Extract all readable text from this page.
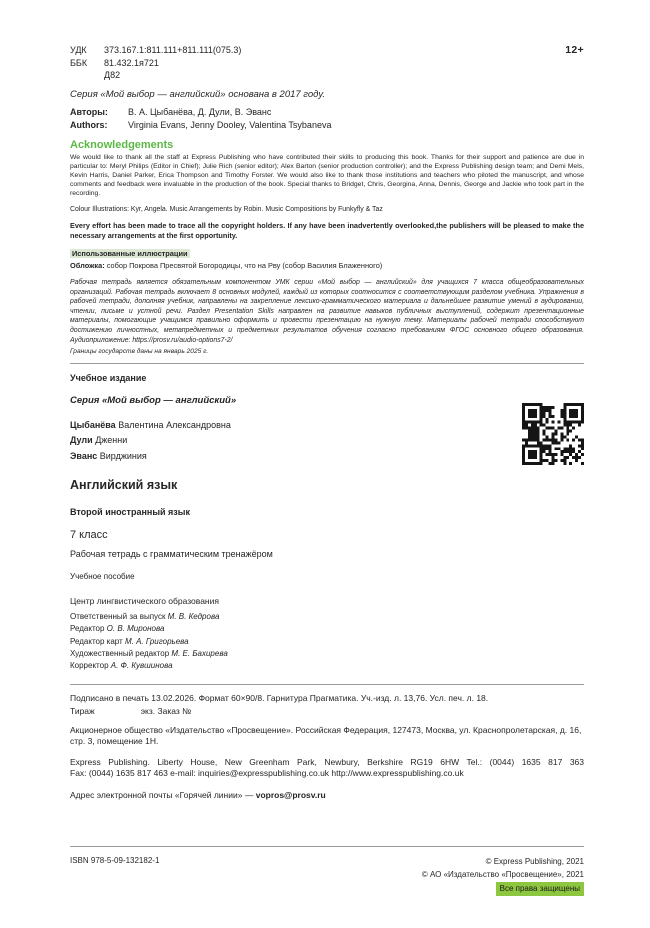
УДК 373.167.1:811.111+811.111(075.3)
ББК 81.432.1я721
Д82
12+
Серия «Мой выбор — английский» основана в 2017 году.
Авторы: В. А. Цыбанёва, Д. Дули, В. Эванс
Authors: Virginia Evans, Jenny Dooley, Valentina Tsybaneva
Acknowledgements

We would like to thank all the staff at Express Publishing who have contributed their skills to producing this book. Thanks for their support and patience are due in particular to: Meryl Philips (Editor in Chief); Julie Rich (senior editor); Alex Barton (senior production controller); and the Express Publishing design team; and Demi Mels, Kevin Harris, Daniel Parker, Erica Thompson and Timothy Forster. We would also like to thank those institutions and teachers who piloted the manuscript, and whose comments and feedback were invaluable in the production of the book. Special thanks to Bridget, Chris, Georgina, Anna, Dennis, George and Jackie who took part in the recording.

Colour Illustrations: Kyr, Angela. Music Arrangements by Robin. Music Compositions by Funkyfly & Taz

Every effort has been made to trace all the copyright holders. If any have been inadvertently overlooked,the publishers will be pleased to make the necessary arrangements at the first opportunity.

Использованные иллюстрации

Обложка: собор Покрова Пресвятой Богородицы, что на Рву (собор Василия Блаженного)

Рабочая тетрадь является обязательным компонентом УМК серии «Мой выбор — английский» для учащихся 7 класса общеобразовательных организаций. Рабочая тетрадь включает 8 основных модулей, каждый из которых соотносится с соответствующим разделом учебника. Упражнения в рабочей тетради, дополняя учебник, направлены на закрепление лексико-грамматического материала и дальнейшее развитие умений в аудировании, чтении, письме и устной речи. Раздел Presentation Skills направлен на развитие навыков публичных выступлений, содержит презентационные материалы, помогающие учащимся правильно оформить и провести презентацию на нужную тему. Материалы рабочей тетради способствуют достижению личностных, метапредметных и предметных результатов обучения согласно требованиям ФГОС основного общего образования. Аудиоприложение: https://prosv.ru/audio-options7-2/

Границы государств даны на январь 2025 г.

Учебное издание

Серия «Мой выбор — английский»

Цыбанёва Валентина Александровна
Дули Дженни
Эванс Вирджиния

Английский язык

Второй иностранный язык

7 класс

Рабочая тетрадь с грамматическим тренажёром

Учебное пособие

Центр лингвистического образования

Ответственный за выпуск М. В. Кедрова
Редактор О. В. Миронова
Редактор карт М. А. Григорьева
Художественный редактор М. Е. Бахирева
Корректор А. Ф. Кувшинова

Подписано в печать 13.02.2026. Формат 60×90/8. Гарнитура Прагматика. Уч.-изд. л. 13,76. Усл. печ. л. 18.

Тираж	экз. Заказ №

Акционерное общество «Издательство «Просвещение». Российская Федерация, 127473, Москва, ул. Краснопролетарская, д. 16, стр. 3, помещение 1Н.

Express Publishing. Liberty House, New Greenham Park, Newbury, Berkshire RG19 6HW Tel.: (0044) 1635 817 363
Fax: (0044) 1635 817 463 e-mail: inquiries@expresspublishing.co.uk http://www.expresspublishing.co.uk

Адрес электронной почты «Горячей линии» — vopros@prosv.ru

ISBN 978-5-09-132182-1	© Express Publishing, 2021
© АО «Издательство «Просвещение», 2021
Все права защищены
